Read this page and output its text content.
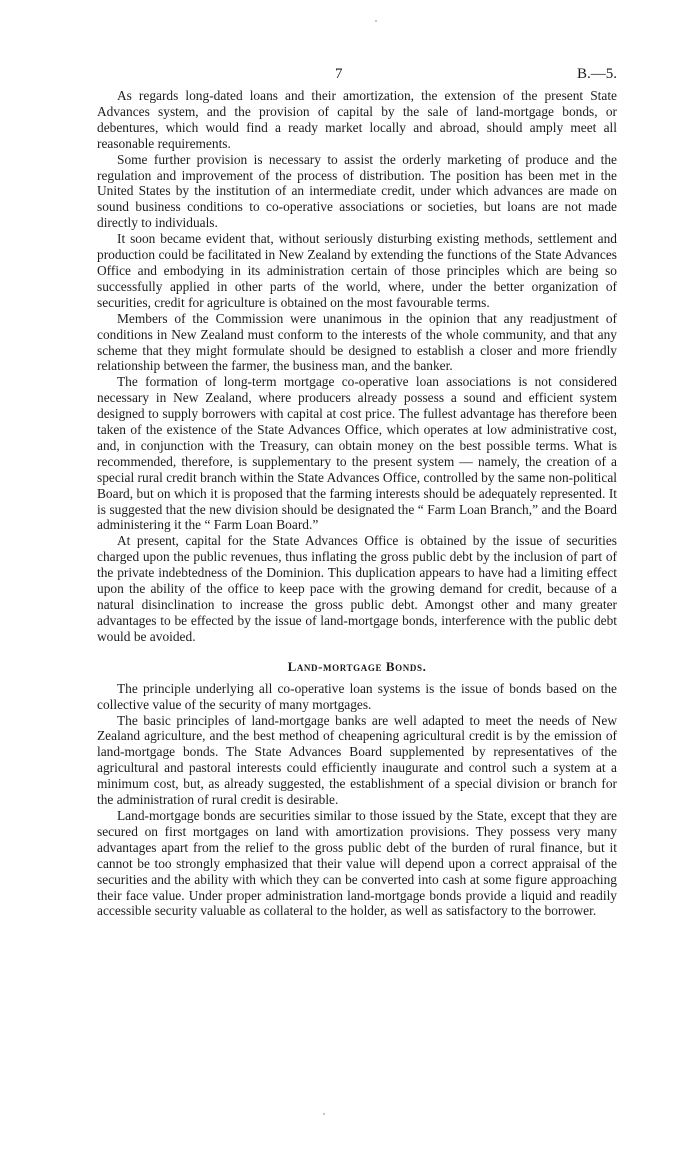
7	B.—5.

As regards long-dated loans and their amortization, the extension of the present State Advances system, and the provision of capital by the sale of land-mortgage bonds, or debentures, which would find a ready market locally and abroad, should amply meet all reasonable requirements.

Some further provision is necessary to assist the orderly marketing of produce and the regulation and improvement of the process of distribution. The position has been met in the United States by the institution of an intermediate credit, under which advances are made on sound business conditions to co-operative associations or societies, but loans are not made directly to individuals.

It soon became evident that, without seriously disturbing existing methods, settlement and production could be facilitated in New Zealand by extending the functions of the State Advances Office and embodying in its administration certain of those principles which are being so successfully applied in other parts of the world, where, under the better organization of securities, credit for agriculture is obtained on the most favourable terms.

Members of the Commission were unanimous in the opinion that any readjustment of conditions in New Zealand must conform to the interests of the whole community, and that any scheme that they might formulate should be designed to establish a closer and more friendly relationship between the farmer, the business man, and the banker.

The formation of long-term mortgage co-operative loan associations is not considered necessary in New Zealand, where producers already possess a sound and efficient system designed to supply borrowers with capital at cost price. The fullest advantage has therefore been taken of the existence of the State Advances Office, which operates at low administrative cost, and, in conjunction with the Treasury, can obtain money on the best possible terms. What is recommended, therefore, is supplementary to the present system — namely, the creation of a special rural credit branch within the State Advances Office, controlled by the same non-political Board, but on which it is proposed that the farming interests should be adequately represented. It is suggested that the new division should be designated the “ Farm Loan Branch,” and the Board administering it the “ Farm Loan Board.”

At present, capital for the State Advances Office is obtained by the issue of securities charged upon the public revenues, thus inflating the gross public debt by the inclusion of part of the private indebtedness of the Dominion. This duplication appears to have had a limiting effect upon the ability of the office to keep pace with the growing demand for credit, because of a natural disinclination to increase the gross public debt. Amongst other and many greater advantages to be effected by the issue of land-mortgage bonds, interference with the public debt would be avoided.

Land-mortgage Bonds.

The principle underlying all co-operative loan systems is the issue of bonds based on the collective value of the security of many mortgages.

The basic principles of land-mortgage banks are well adapted to meet the needs of New Zealand agriculture, and the best method of cheapening agricultural credit is by the emission of land-mortgage bonds. The State Advances Board supplemented by representatives of the agricultural and pastoral interests could efficiently inaugurate and control such a system at a minimum cost, but, as already suggested, the establishment of a special division or branch for the administration of rural credit is desirable.

Land-mortgage bonds are securities similar to those issued by the State, except that they are secured on first mortgages on land with amortization provisions. They possess very many advantages apart from the relief to the gross public debt of the burden of rural finance, but it cannot be too strongly emphasized that their value will depend upon a correct appraisal of the securities and the ability with which they can be converted into cash at some figure approaching their face value. Under proper administration land-mortgage bonds provide a liquid and readily accessible security valuable as collateral to the holder, as well as satisfactory to the borrower.
